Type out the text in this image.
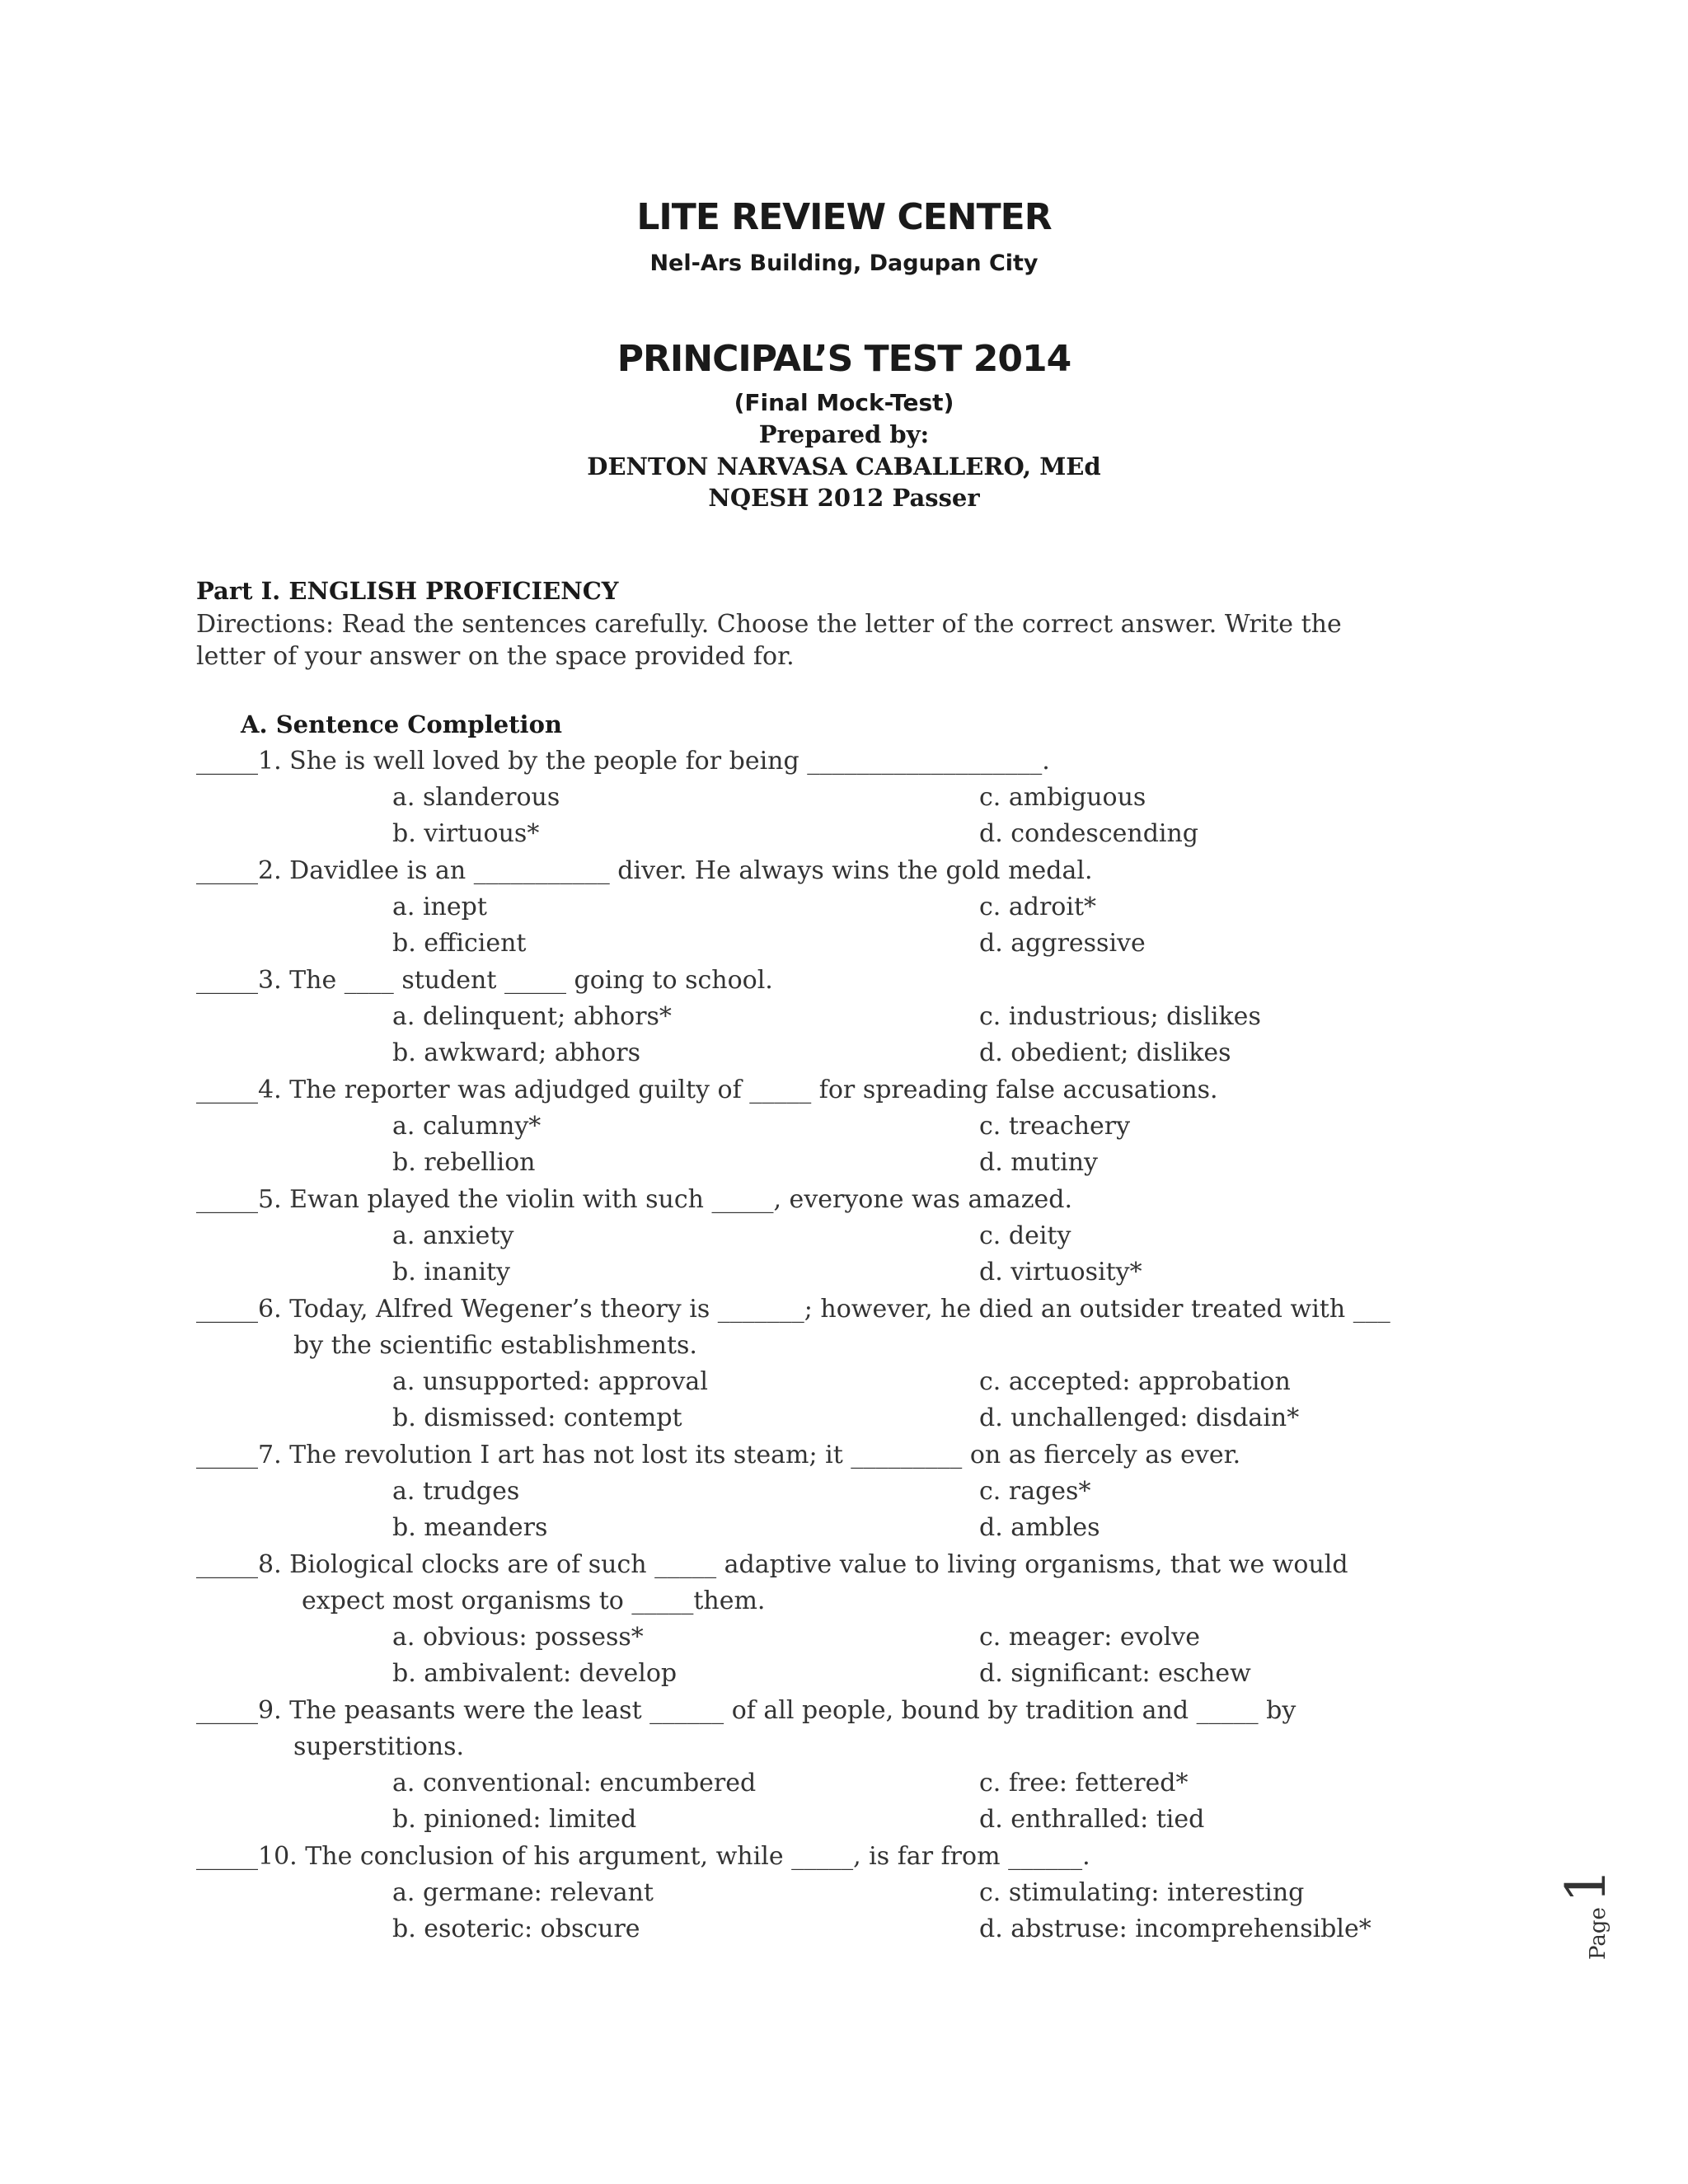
LITE REVIEW CENTER
Nel-Ars Building, Dagupan City
PRINCIPAL’S TEST 2014
(Final Mock-Test)
Prepared by:
DENTON NARVASA CABALLERO, MEd
NQESH 2012 Passer
Part I. ENGLISH PROFICIENCY
Directions: Read the sentences carefully. Choose the letter of the correct answer. Write the
letter of your answer on the space provided for.
A. Sentence Completion
_____1. She is well loved by the people for being ___________________.
a. slanderous	c. ambiguous
b. virtuous*	d. condescending
_____2. Davidlee is an ___________ diver. He always wins the gold medal.
a. inept	c. adroit*
b. efficient	d. aggressive
_____3. The ____ student _____ going to school.
a. delinquent; abhors*	c. industrious; dislikes
b. awkward; abhors	d. obedient; dislikes
_____4. The reporter was adjudged guilty of _____ for spreading false accusations.
a. calumny*	c. treachery
b. rebellion	d. mutiny
_____5. Ewan played the violin with such _____, everyone was amazed.
a. anxiety	c. deity
b. inanity	d. virtuosity*
_____6. Today, Alfred Wegener’s theory is _______; however, he died an outsider treated with ___
by the scientific establishments.
a. unsupported: approval	c. accepted: approbation
b. dismissed: contempt	d. unchallenged: disdain*
_____7. The revolution I art has not lost its steam; it _________ on as fiercely as ever.
a. trudges	c. rages*
b. meanders	d. ambles
_____8. Biological clocks are of such _____ adaptive value to living organisms, that we would
expect most organisms to _____them.
a. obvious: possess*	c. meager: evolve
b. ambivalent: develop	d. significant: eschew
_____9. The peasants were the least ______ of all people, bound by tradition and _____ by
superstitions.
a. conventional: encumbered	c. free: fettered*
b. pinioned: limited	d. enthralled: tied
_____10. The conclusion of his argument, while _____, is far from ______.
a. germane: relevant	c. stimulating: interesting
b. esoteric: obscure	d. abstruse: incomprehensible*	Page 1
